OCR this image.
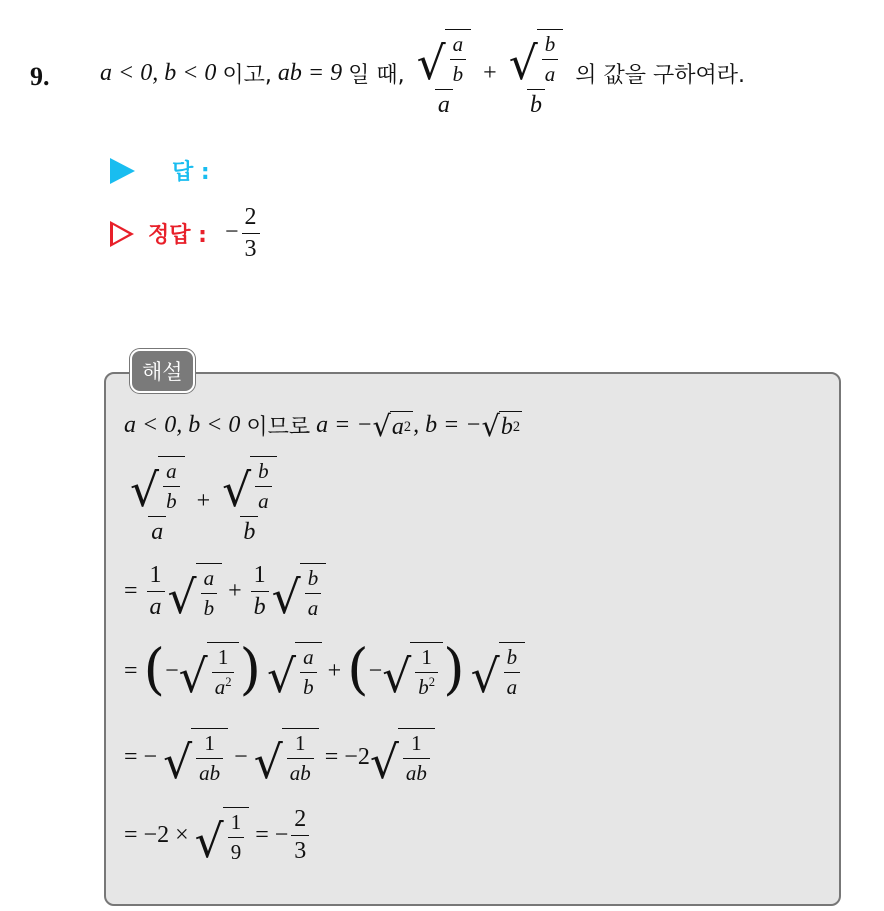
9. a < 0,
b < 0
이고,
ab = 9
일 때,
$\frac{√ \frac{a}{b}}{a} + \frac{√ \frac{b}{a}}{b}$
의 값을 구하여라.
답 :
정답 : − $\frac{2}{3}$
해설
a < 0, b < 0
이므로
a = − √ a 2 , b = − √ b 2
$\frac{√ \frac{a}{b}}{a} + \frac{√ \frac{b}{a}}{b}$
= $\frac{1}{a}$ √ $\frac{a}{b} + \frac{1}{b}$ √ $\frac{b}{a}$
= ( − √ $\frac{1}{a^2}$ )
√ $\frac{a}{b}$ + ( − √ $\frac{1}{b^2}$ )
√ $\frac{b}{a}$
= − √ $\frac{1}{ab}$ − √ $\frac{1}{ab} = -2$ √ $\frac{1}{ab}$
= −2 × √ $\frac{1}{9}$ = − $\frac{2}{3}$
